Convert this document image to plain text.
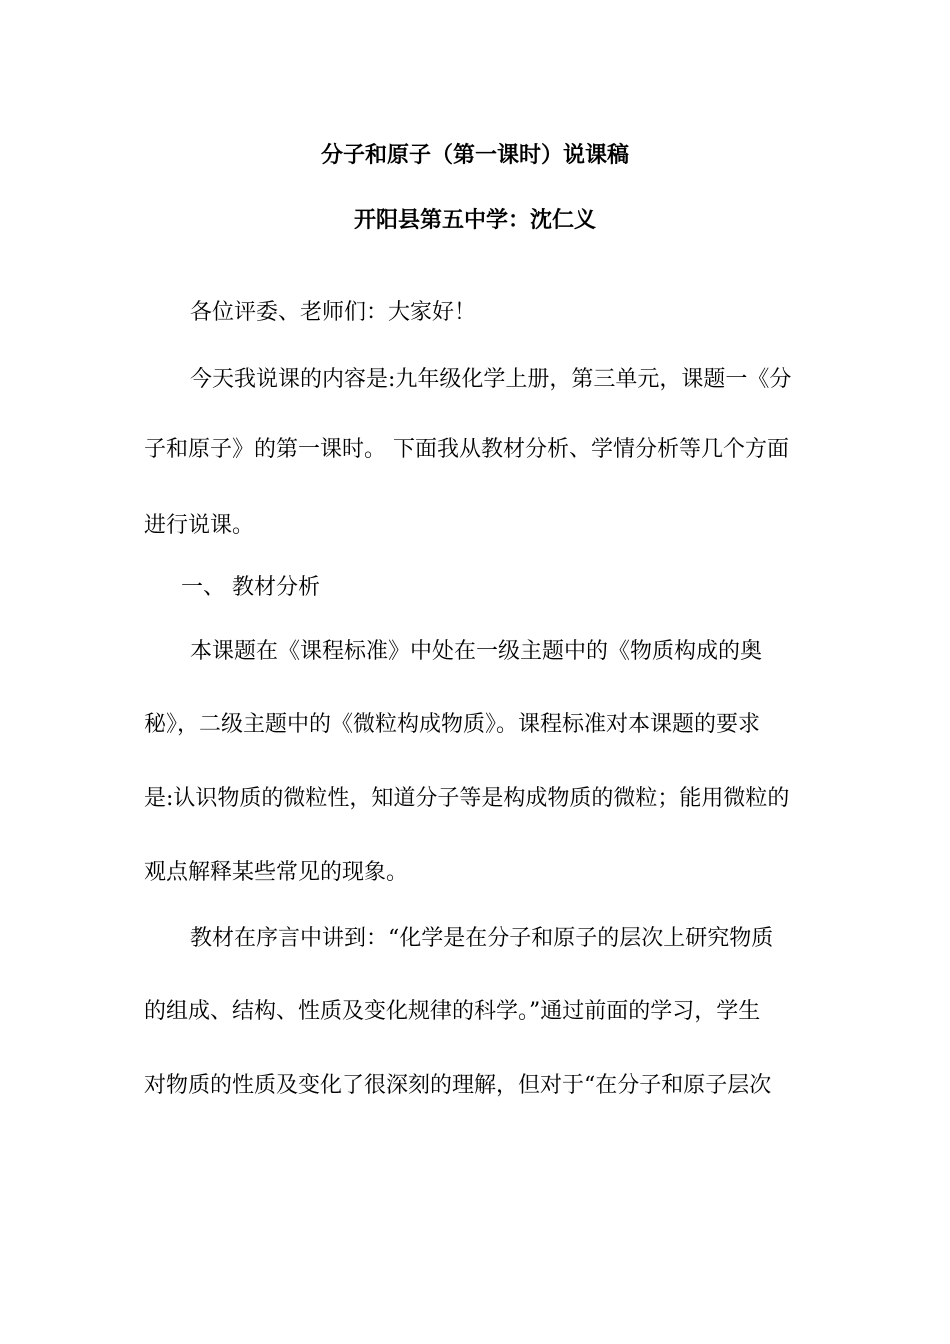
分子和原子（第一课时）说课稿
开阳县第五中学：沈仁义
各位评委、老师们：大家好！
今天我说课的内容是:九年级化学上册，第三单元，课题一《分
子和原子》的第一课时。 下面我从教材分析、学情分析等几个方面
进行说课。
一、 教材分析
本课题在《课程标准》中处在一级主题中的《物质构成的奥
秘》，二级主题中的《微粒构成物质》。课程标准对本课题的要求
是:认识物质的微粒性，知道分子等是构成物质的微粒；能用微粒的
观点解释某些常见的现象。
教材在序言中讲到：“化学是在分子和原子的层次上研究物质
的组成、结构、性质及变化规律的科学。”通过前面的学习，学生
对物质的性质及变化了很深刻的理解，但对于“在分子和原子层次
